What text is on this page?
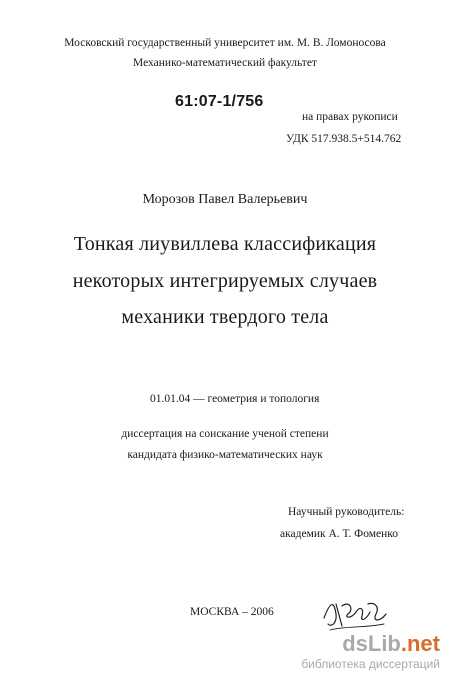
Московский государственный университет им. М. В. Ломоносова
Механико-математический факультет
61:07-1/756
на правах рукописи
УДК 517.938.5+514.762
Морозов Павел Валерьевич
Тонкая лиувиллева классификация
некоторых интегрируемых случаев
механики твердого тела
01.01.04 — геометрия и топология
диссертация на соискание ученой степени
кандидата физико-математических наук
Научный руководитель:
академик А. Т. Фоменко
МОСКВА – 2006
dsLib.net
библиотека диссертаций
